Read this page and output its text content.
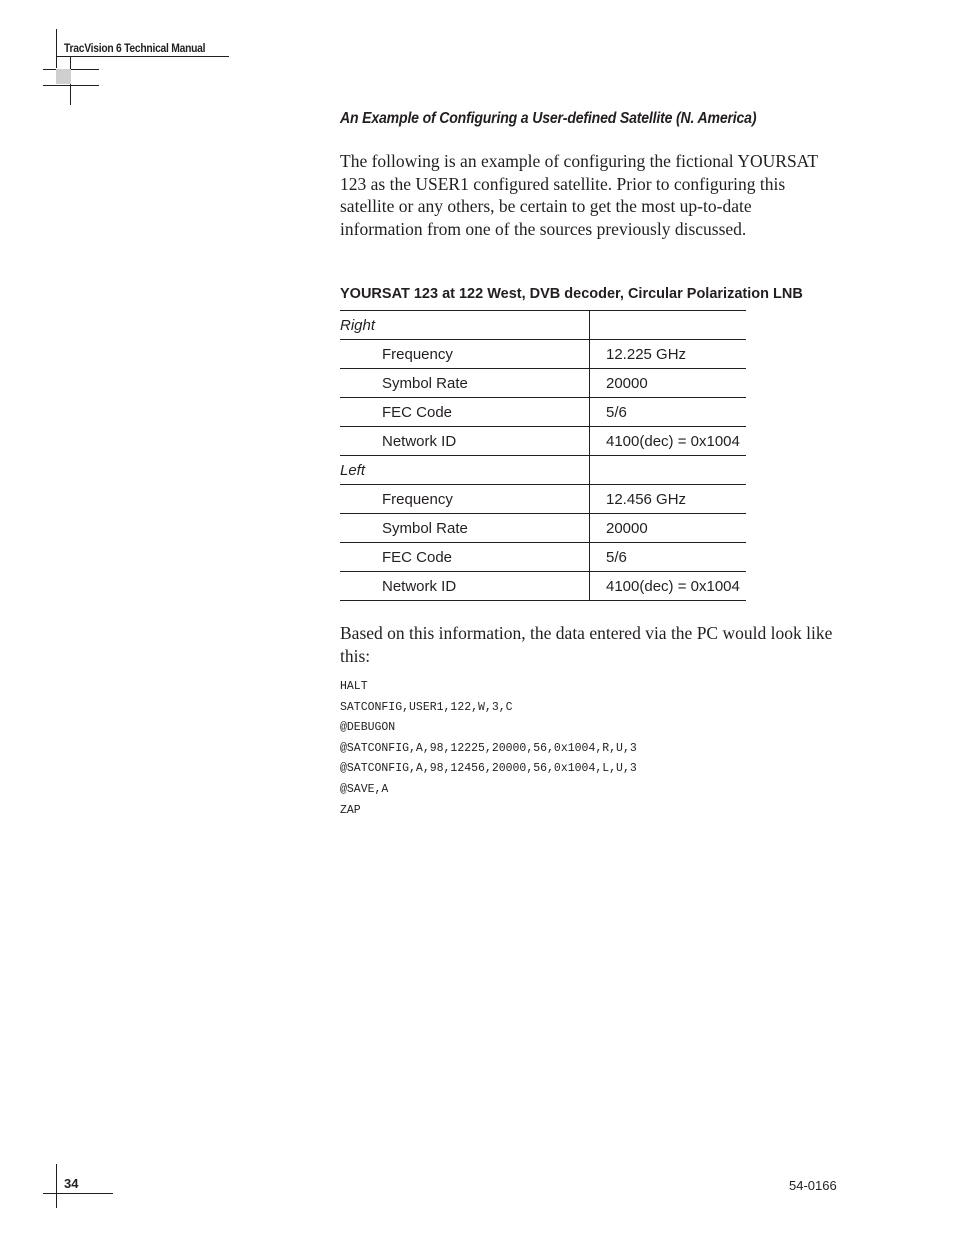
TracVision 6 Technical Manual
An Example of Configuring a User-defined Satellite (N. America)

The following is an example of configuring the fictional YOURSAT 123 as the USER1 configured satellite. Prior to configuring this satellite or any others, be certain to get the most up-to-date information from one of the sources previously discussed.

YOURSAT 123 at 122 West, DVB decoder, Circular Polarization LNB
Right	
Frequency	12.225 GHz
Symbol Rate	20000
FEC Code	5/6
Network ID	4100(dec) = 0x1004
Left	
Frequency	12.456 GHz
Symbol Rate	20000
FEC Code	5/6
Network ID	4100(dec) = 0x1004

Based on this information, the data entered via the PC would look like this:

HALT
SATCONFIG,USER1,122,W,3,C
@DEBUGON
@SATCONFIG,A,98,12225,20000,56,0x1004,R,U,3
@SATCONFIG,A,98,12456,20000,56,0x1004,L,U,3
@SAVE,A
ZAP
34	54-0166
